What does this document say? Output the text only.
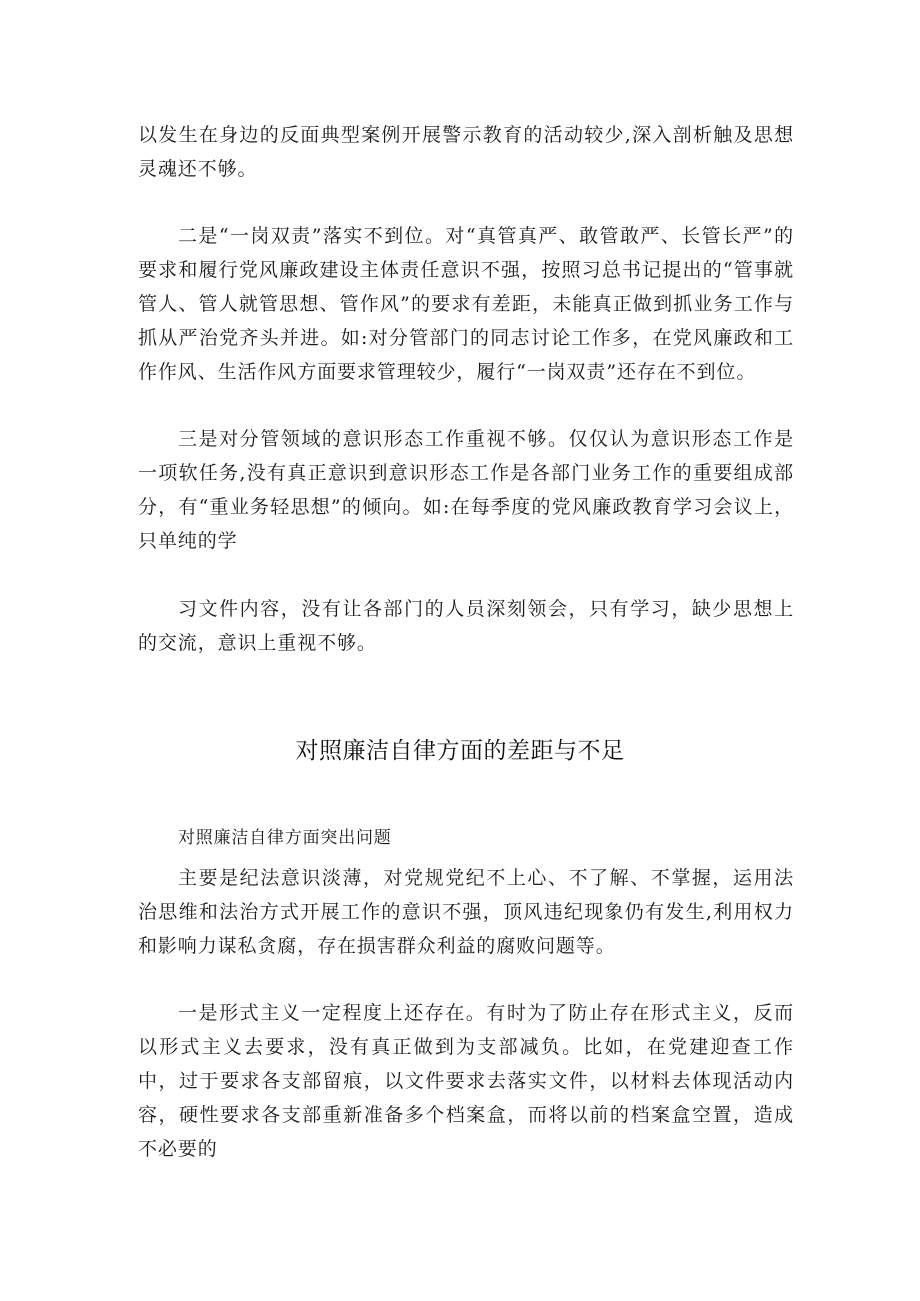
以发生在身边的反面典型案例开展警示教育的活动较少,深入剖析触及思想灵魂还不够。

二是“一岗双责”落实不到位。对“真管真严、敢管敢严、长管长严”的要求和履行党风廉政建设主体责任意识不强，按照习总书记提出的“管事就管人、管人就管思想、管作风”的要求有差距，未能真正做到抓业务工作与抓从严治党齐头并进。如:对分管部门的同志讨论工作多，在党风廉政和工作作风、生活作风方面要求管理较少，履行“一岗双责”还存在不到位。

三是对分管领域的意识形态工作重视不够。仅仅认为意识形态工作是一项软任务,没有真正意识到意识形态工作是各部门业务工作的重要组成部分，有“重业务轻思想”的倾向。如:在每季度的党风廉政教育学习会议上，只单纯的学

习文件内容，没有让各部门的人员深刻领会，只有学习，缺少思想上的交流，意识上重视不够。

对照廉洁自律方面的差距与不足

对照廉洁自律方面突出问题

主要是纪法意识淡薄，对党规党纪不上心、不了解、不掌握，运用法治思维和法治方式开展工作的意识不强，顶风违纪现象仍有发生,利用权力和影响力谋私贪腐，存在损害群众利益的腐败问题等。

一是形式主义一定程度上还存在。有时为了防止存在形式主义，反而以形式主义去要求，没有真正做到为支部减负。比如，在党建迎查工作中，过于要求各支部留痕，以文件要求去落实文件，以材料去体现活动内容，硬性要求各支部重新准备多个档案盒，而将以前的档案盒空置，造成不必要的
